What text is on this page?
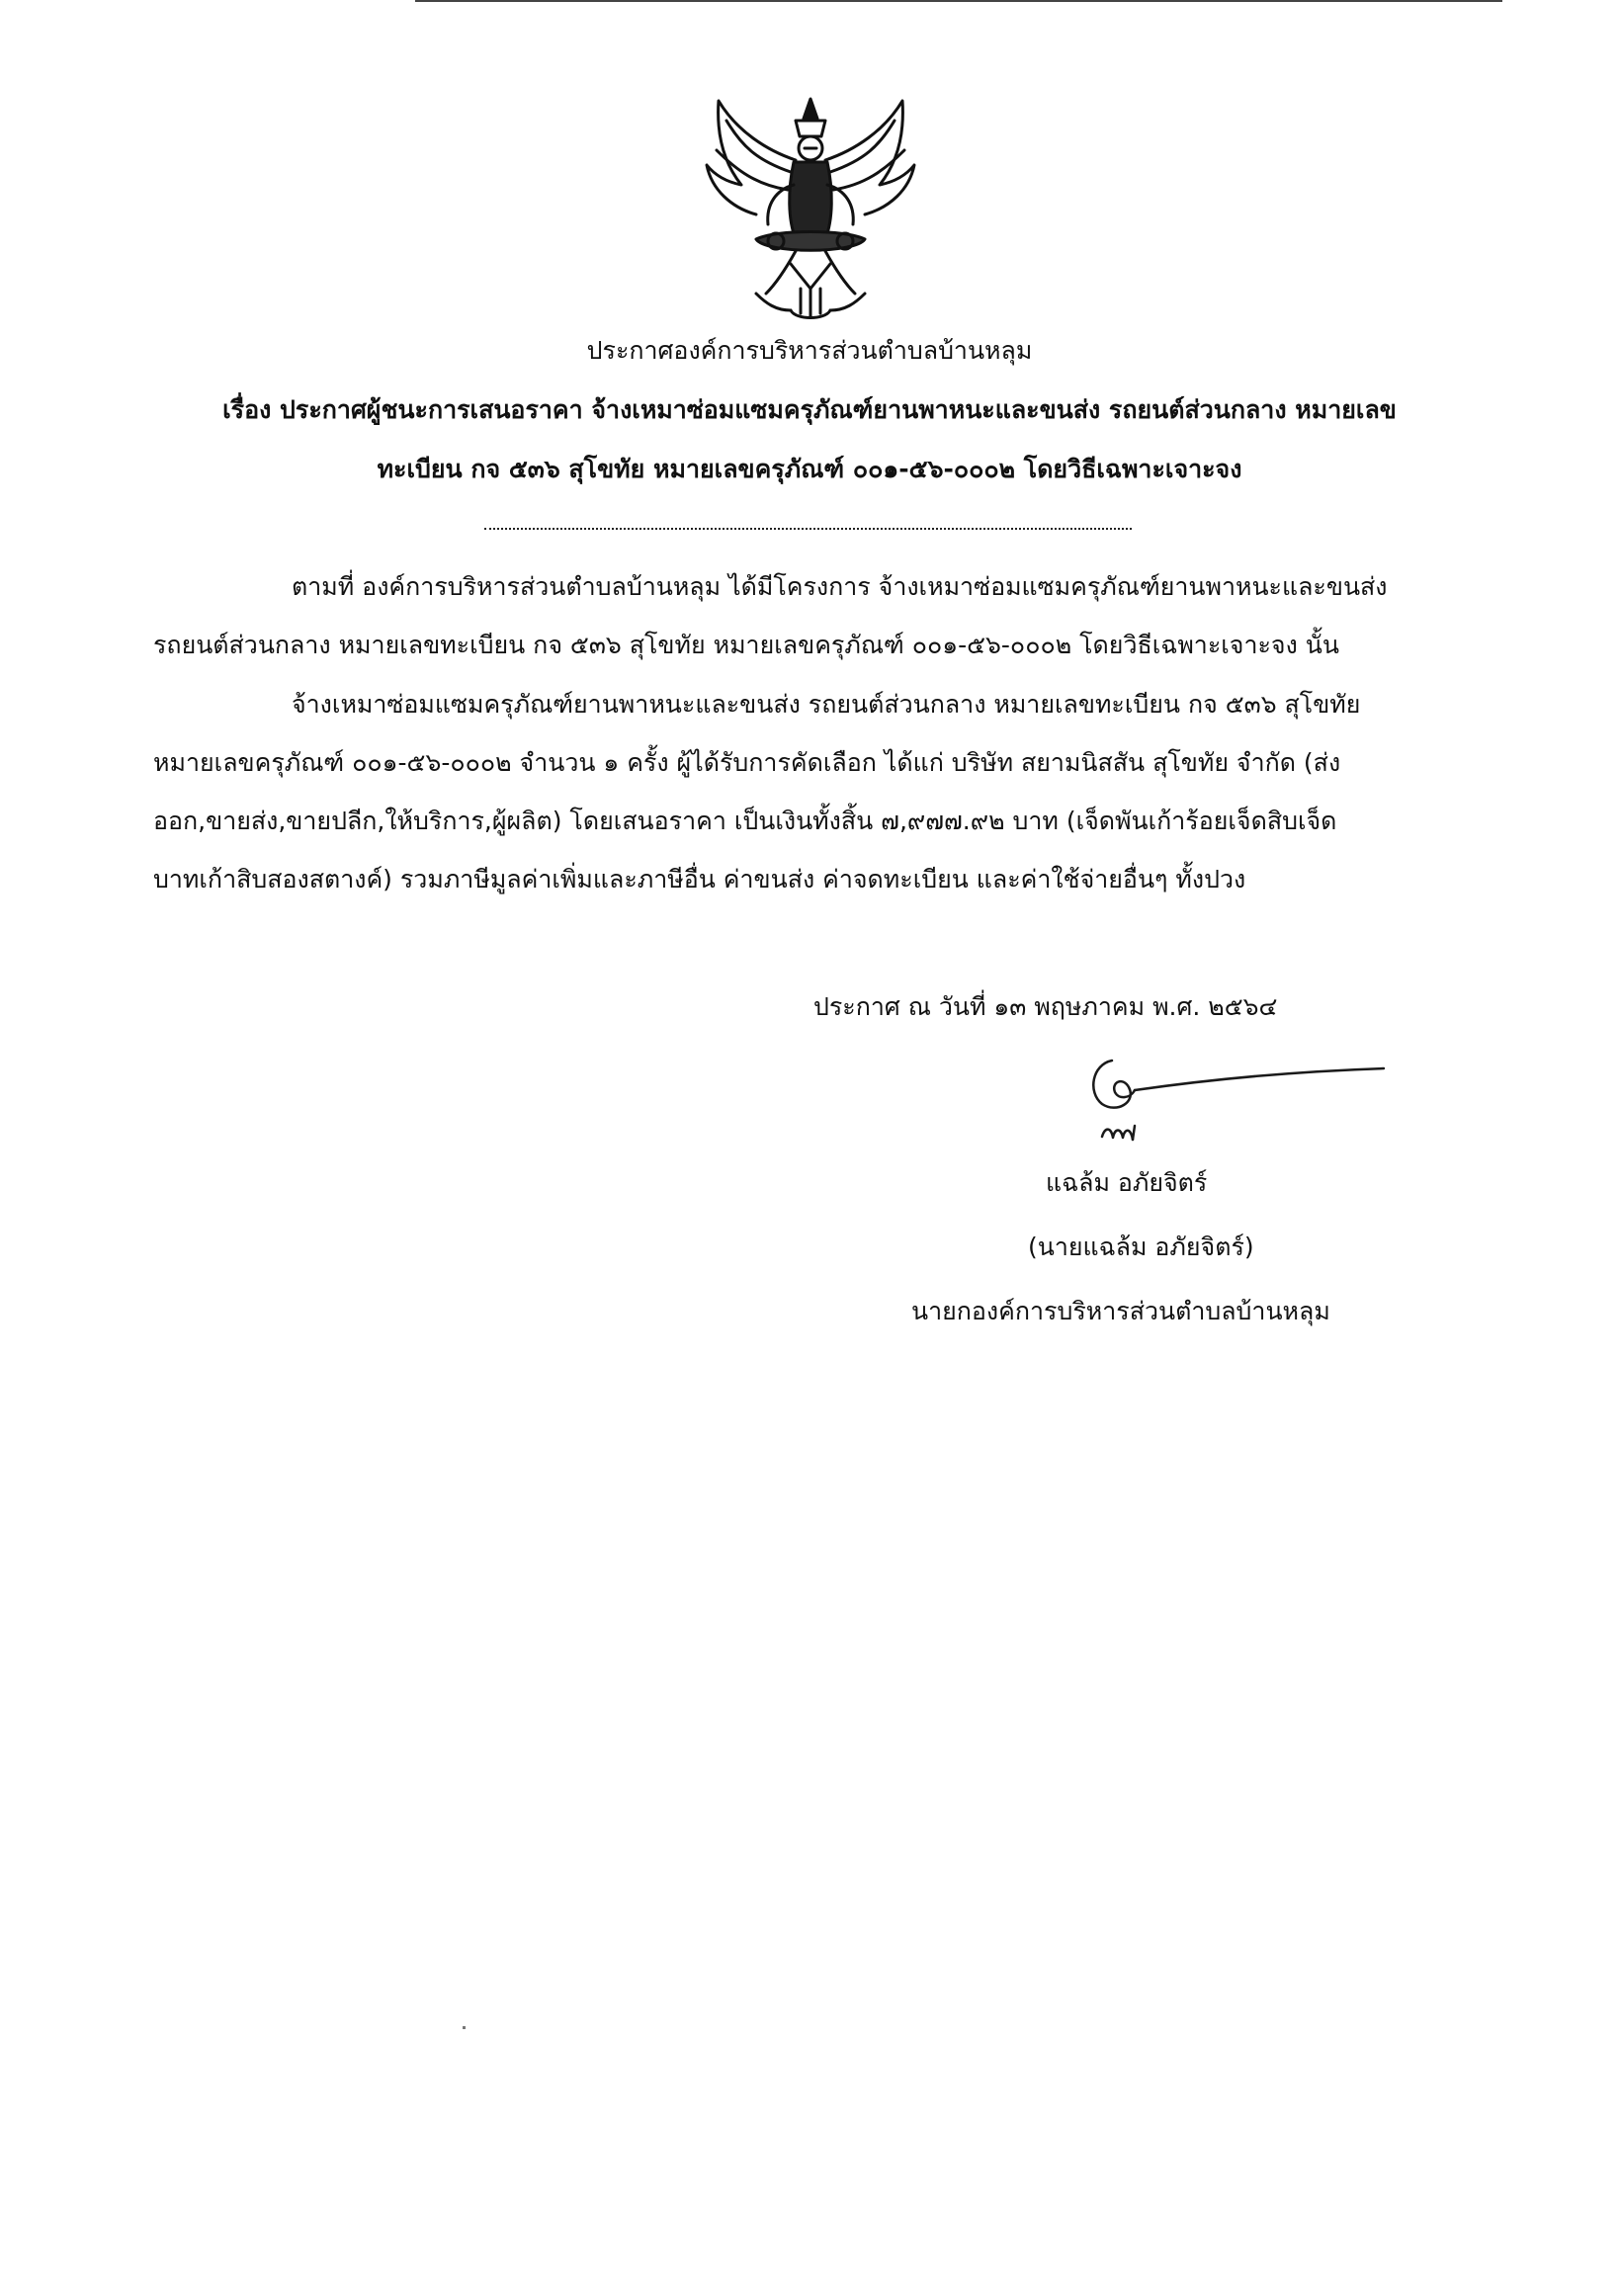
ประกาศองค์การบริหารส่วนตำบลบ้านหลุม
เรื่อง ประกาศผู้ชนะการเสนอราคา จ้างเหมาซ่อมแซมครุภัณฑ์ยานพาหนะและขนส่ง รถยนต์ส่วนกลาง หมายเลข
ทะเบียน กจ ๕๓๖ สุโขทัย หมายเลขครุภัณฑ์ ๐๐๑-๕๖-๐๐๐๒ โดยวิธีเฉพาะเจาะจง
ตามที่ องค์การบริหารส่วนตำบลบ้านหลุม ได้มีโครงการ จ้างเหมาซ่อมแซมครุภัณฑ์ยานพาหนะและขนส่ง
รถยนต์ส่วนกลาง หมายเลขทะเบียน กจ ๕๓๖ สุโขทัย หมายเลขครุภัณฑ์ ๐๐๑-๕๖-๐๐๐๒ โดยวิธีเฉพาะเจาะจง นั้น
จ้างเหมาซ่อมแซมครุภัณฑ์ยานพาหนะและขนส่ง รถยนต์ส่วนกลาง หมายเลขทะเบียน กจ ๕๓๖ สุโขทัย
หมายเลขครุภัณฑ์ ๐๐๑-๕๖-๐๐๐๒ จำนวน ๑ ครั้ง ผู้ได้รับการคัดเลือก ได้แก่ บริษัท สยามนิสสัน สุโขทัย จำกัด (ส่ง
ออก,ขายส่ง,ขายปลีก,ให้บริการ,ผู้ผลิต) โดยเสนอราคา เป็นเงินทั้งสิ้น ๗,๙๗๗.๙๒ บาท (เจ็ดพันเก้าร้อยเจ็ดสิบเจ็ด
บาทเก้าสิบสองสตางค์) รวมภาษีมูลค่าเพิ่มและภาษีอื่น ค่าขนส่ง ค่าจดทะเบียน และค่าใช้จ่ายอื่นๆ ทั้งปวง
ประกาศ ณ วันที่ ๑๓ พฤษภาคม พ.ศ. ๒๕๖๔
แฉล้ม อภัยจิตร์
(นายแฉล้ม อภัยจิตร์)
นายกองค์การบริหารส่วนตำบลบ้านหลุม
